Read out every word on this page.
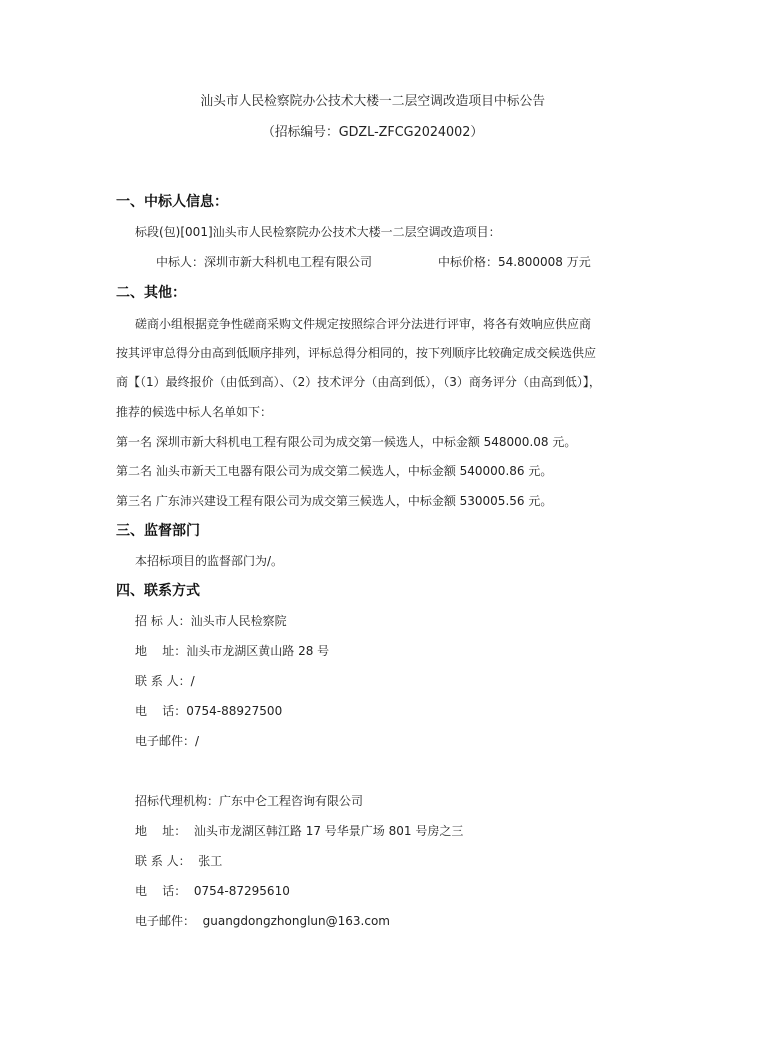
汕头市人民检察院办公技术大楼一二层空调改造项目中标公告
（招标编号：GDZL-ZFCG2024002）
一、中标人信息：
标段(包)[001]汕头市人民检察院办公技术大楼一二层空调改造项目：
中标人：深圳市新大科机电工程有限公司	中标价格：54.800008 万元
二、其他：
磋商小组根据竞争性磋商采购文件规定按照综合评分法进行评审，将各有效响应供应商
按其评审总得分由高到低顺序排列，评标总得分相同的，按下列顺序比较确定成交候选供应
商【（1）最终报价（由低到高）、（2）技术评分（由高到低），（3）商务评分（由高到低）】，
推荐的候选中标人名单如下：
第一名 深圳市新大科机电工程有限公司为成交第一候选人，中标金额 548000.08 元。
第二名 汕头市新天工电器有限公司为成交第二候选人，中标金额 540000.86 元。
第三名 广东沛兴建设工程有限公司为成交第三候选人，中标金额 530005.56 元。
三、监督部门
本招标项目的监督部门为/。
四、联系方式
招 标 人：汕头市人民检察院
地    址：汕头市龙湖区黄山路 28 号
联 系 人：/
电    话：0754-88927500
电子邮件：/
招标代理机构：广东中仑工程咨询有限公司
地    址：  汕头市龙湖区韩江路 17 号华景广场 801 号房之三
联 系 人：  张工
电    话：  0754-87295610
电子邮件：  guangdongzhonglun@163.com
